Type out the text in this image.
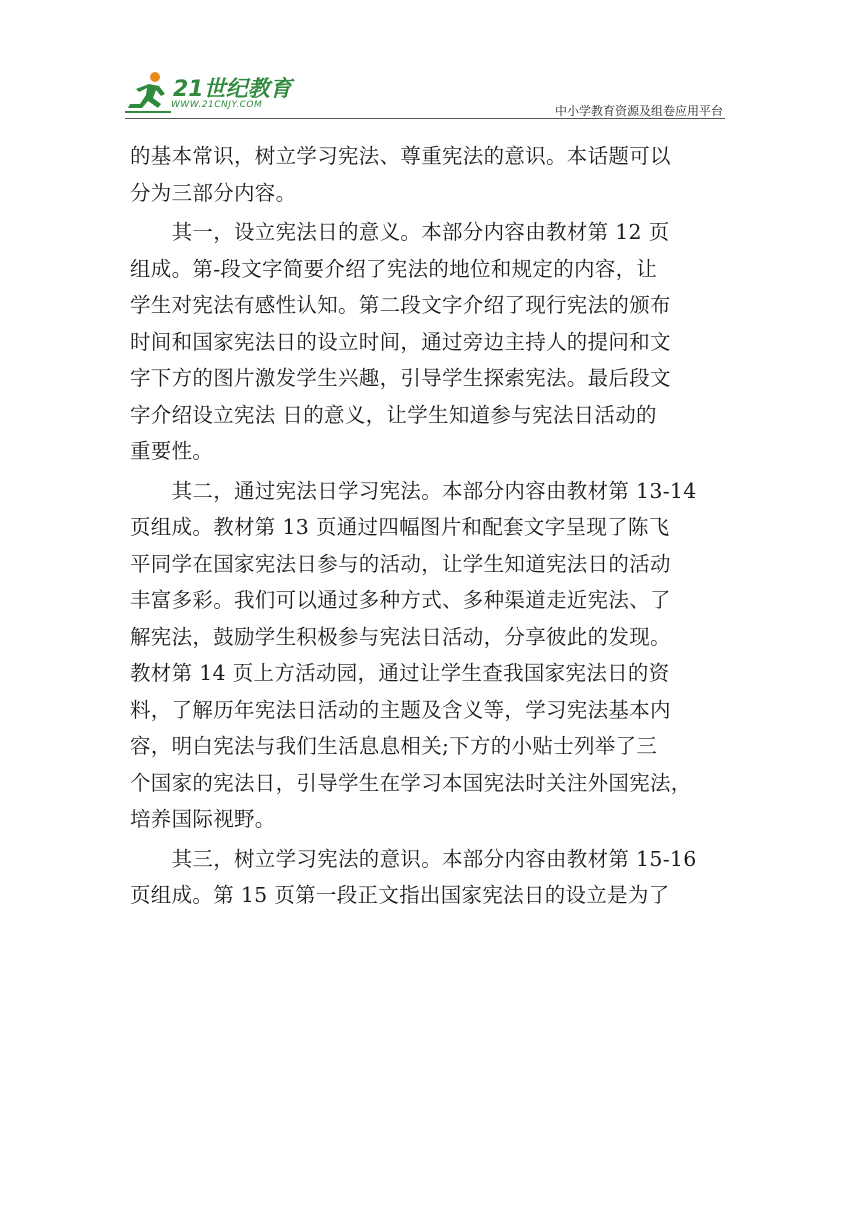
21世纪教育
WWW.21CNJY.COM	中小学教育资源及组卷应用平台
的基本常识，树立学习宪法、尊重宪法的意识。本话题可以
分为三部分内容。
　　其一，设立宪法日的意义。本部分内容由教材第 12 页
组成。第-段文字简要介绍了宪法的地位和规定的内容，让
学生对宪法有感性认知。第二段文字介绍了现行宪法的颁布
时间和国家宪法日的设立时间，通过旁边主持人的提问和文
字下方的图片激发学生兴趣，引导学生探索宪法。最后段文
字介绍设立宪法 日的意义，让学生知道参与宪法日活动的
重要性。
　　其二，通过宪法日学习宪法。本部分内容由教材第 13-14
页组成。教材第 13 页通过四幅图片和配套文字呈现了陈飞
平同学在国家宪法日参与的活动，让学生知道宪法日的活动
丰富多彩。我们可以通过多种方式、多种渠道走近宪法、了
解宪法，鼓励学生积极参与宪法日活动，分享彼此的发现。
教材第 14 页上方活动园，通过让学生查我国家宪法日的资
料，了解历年宪法日活动的主题及含义等，学习宪法基本内
容，明白宪法与我们生活息息相关;下方的小贴士列举了三
个国家的宪法日，引导学生在学习本国宪法时关注外国宪法，
培养国际视野。
　　其三，树立学习宪法的意识。本部分内容由教材第 15-16
页组成。第 15 页第一段正文指出国家宪法日的设立是为了
